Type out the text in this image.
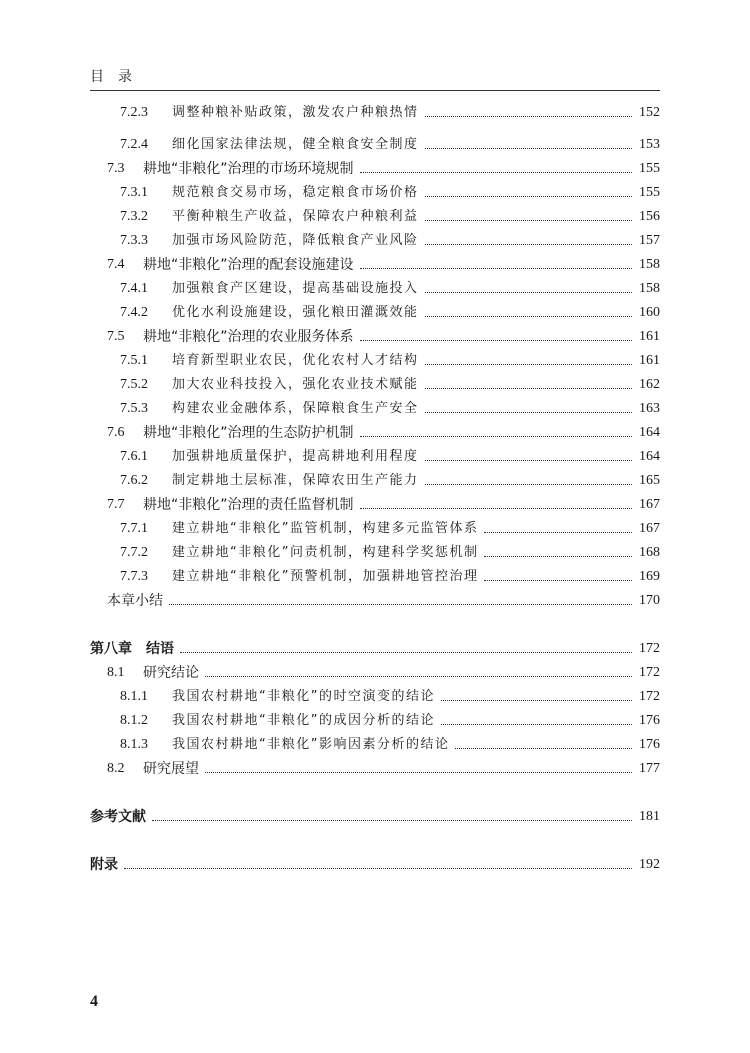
目录
7.2.3	调整种粮补贴政策，激发农户种粮热情	152
7.2.4	细化国家法律法规，健全粮食安全制度	153
7.3	耕地“非粮化”治理的市场环境规制	155
7.3.1	规范粮食交易市场，稳定粮食市场价格	155
7.3.2	平衡种粮生产收益，保障农户种粮利益	156
7.3.3	加强市场风险防范，降低粮食产业风险	157
7.4	耕地“非粮化”治理的配套设施建设	158
7.4.1	加强粮食产区建设，提高基础设施投入	158
7.4.2	优化水利设施建设，强化粮田灌溉效能	160
7.5	耕地“非粮化”治理的农业服务体系	161
7.5.1	培育新型职业农民，优化农村人才结构	161
7.5.2	加大农业科技投入，强化农业技术赋能	162
7.5.3	构建农业金融体系，保障粮食生产安全	163
7.6	耕地“非粮化”治理的生态防护机制	164
7.6.1	加强耕地质量保护，提高耕地利用程度	164
7.6.2	制定耕地土层标准，保障农田生产能力	165
7.7	耕地“非粮化”治理的责任监督机制	167
7.7.1	建立耕地“非粮化”监管机制，构建多元监管体系	167
7.7.2	建立耕地“非粮化”问责机制，构建科学奖惩机制	168
7.7.3	建立耕地“非粮化”预警机制，加强耕地管控治理	169
本章小结	170
第八章　结语	172
8.1	研究结论	172
8.1.1	我国农村耕地“非粮化”的时空演变的结论	172
8.1.2	我国农村耕地“非粮化”的成因分析的结论	176
8.1.3	我国农村耕地“非粮化”影响因素分析的结论	176
8.2	研究展望	177
参考文献	181
附录	192
4
